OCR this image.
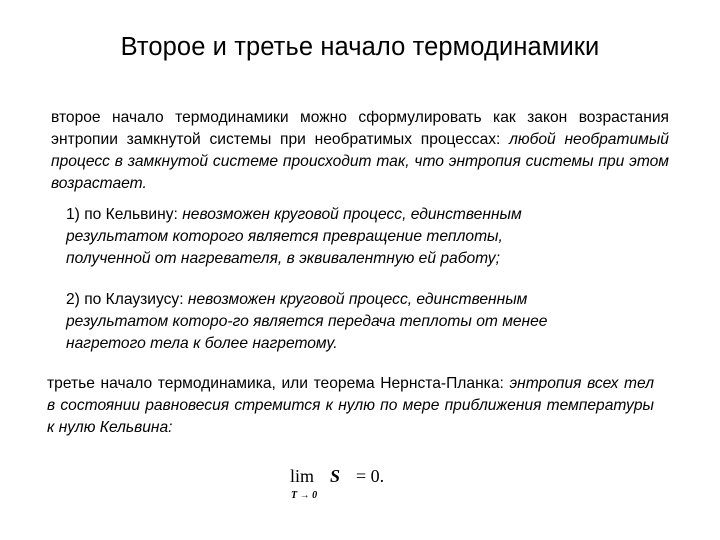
Второе и третье начало термодинамики
второе начало термодинамики можно сформулировать как закон возрастания энтропии замкнутой системы при необратимых процессах: любой необратимый процесс в замкнутой системе происходит так, что энтропия системы при этом возрастает.
1) по Кельвину: невозможен круговой процесс, единственным
результатом которого является превращение теплоты,
полученной от нагревателя, в эквивалентную ей работу;
2) по Клаузиусу: невозможен круговой процесс, единственным
результатом которо-го является передача теплоты от менее
нагретого тела к более нагретому.
третье начало термодинамика, или теорема Нернста-Планка: энтропия всех тел в состоянии равновесия стремится к нулю по мере приближения температуры к нулю Кельвина:
lim
T → 0
S = 0.
